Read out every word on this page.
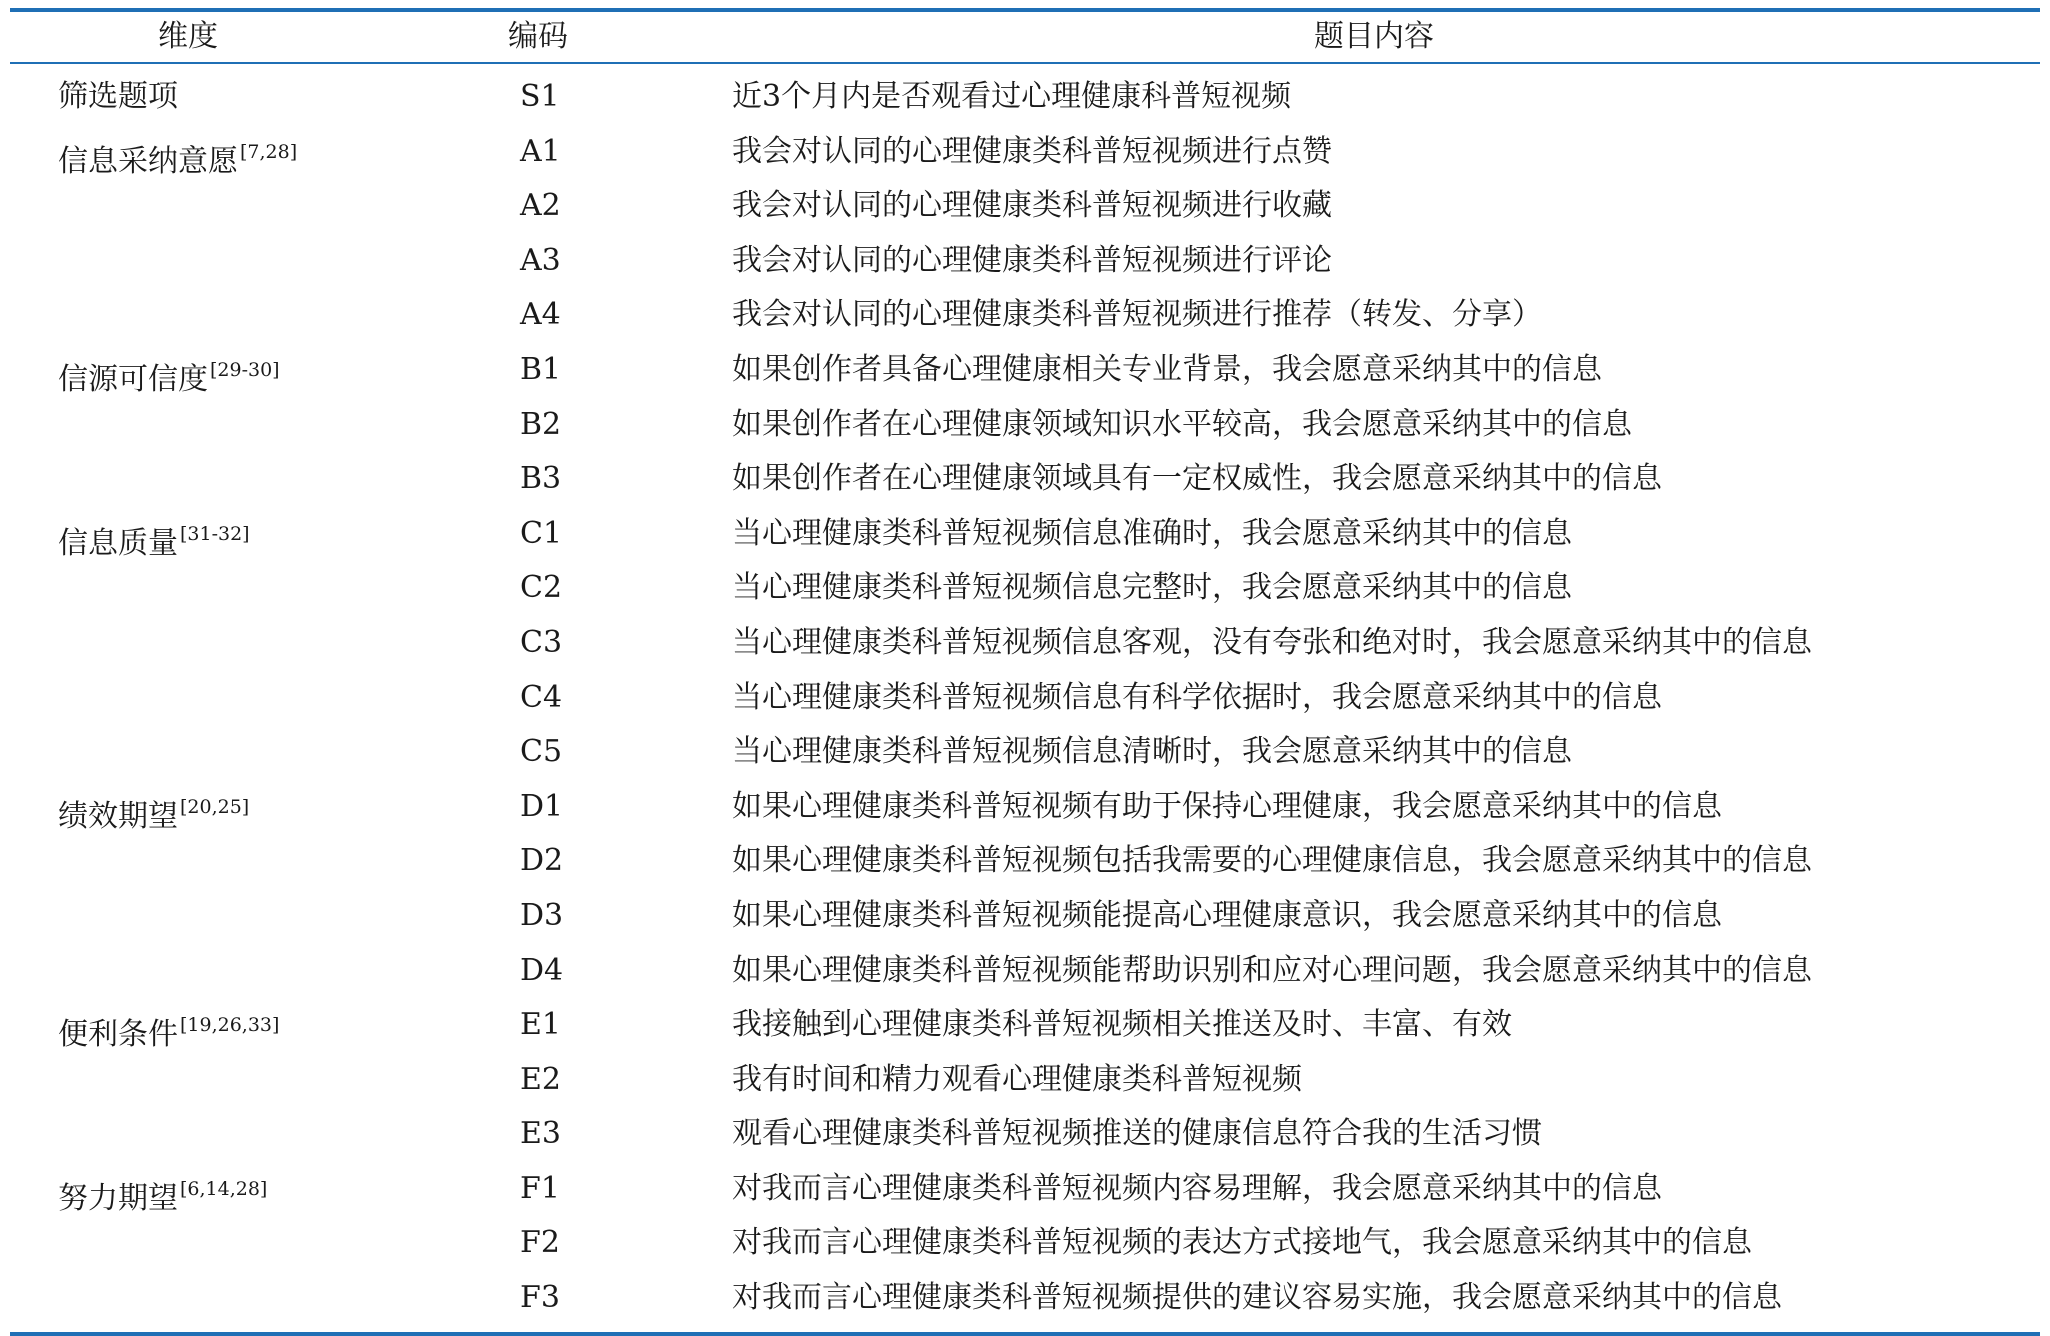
维度	编码	题目内容
筛选题项	S1	近3个月内是否观看过心理健康科普短视频
信息采纳意愿 [7,28]	A1	我会对认同的心理健康类科普短视频进行点赞
A2	我会对认同的心理健康类科普短视频进行收藏
A3	我会对认同的心理健康类科普短视频进行评论
A4	我会对认同的心理健康类科普短视频进行推荐（转发、分享）
信源可信度 [29-30]	B1	如果创作者具备心理健康相关专业背景，我会愿意采纳其中的信息
B2	如果创作者在心理健康领域知识水平较高，我会愿意采纳其中的信息
B3	如果创作者在心理健康领域具有一定权威性，我会愿意采纳其中的信息
信息质量 [31-32]	C1	当心理健康类科普短视频信息准确时，我会愿意采纳其中的信息
C2	当心理健康类科普短视频信息完整时，我会愿意采纳其中的信息
C3	当心理健康类科普短视频信息客观，没有夸张和绝对时，我会愿意采纳其中的信息
C4	当心理健康类科普短视频信息有科学依据时，我会愿意采纳其中的信息
C5	当心理健康类科普短视频信息清晰时，我会愿意采纳其中的信息
绩效期望 [20,25]	D1	如果心理健康类科普短视频有助于保持心理健康，我会愿意采纳其中的信息
D2	如果心理健康类科普短视频包括我需要的心理健康信息，我会愿意采纳其中的信息
D3	如果心理健康类科普短视频能提高心理健康意识，我会愿意采纳其中的信息
D4	如果心理健康类科普短视频能帮助识别和应对心理问题，我会愿意采纳其中的信息
便利条件 [19,26,33]	E1	我接触到心理健康类科普短视频相关推送及时、丰富、有效
E2	我有时间和精力观看心理健康类科普短视频
E3	观看心理健康类科普短视频推送的健康信息符合我的生活习惯
努力期望 [6,14,28]	F1	对我而言心理健康类科普短视频内容易理解，我会愿意采纳其中的信息
F2	对我而言心理健康类科普短视频的表达方式接地气，我会愿意采纳其中的信息
F3	对我而言心理健康类科普短视频提供的建议容易实施，我会愿意采纳其中的信息
